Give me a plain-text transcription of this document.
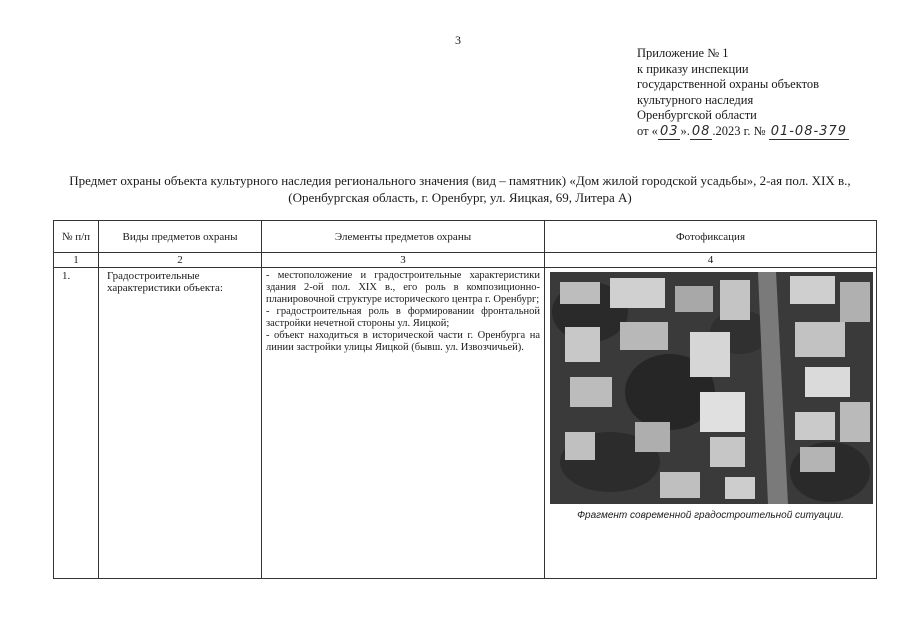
3
Приложение № 1
к приказу инспекции
государственной охраны объектов
культурного наследия
Оренбургской области
от « 03 ». 08 .2023 г. № 01-08-379
Предмет охраны объекта культурного наследия регионального значения (вид – памятник) «Дом жилой городской усадьбы», 2-ая пол. XIX в., (Оренбургская область, г. Оренбург, ул. Яицкая, 69, Литера А)
№ п/п	Виды предметов охраны	Элементы предметов охраны	Фотофиксация
1	2	3	4
1.	Градостроительные характеристики объекта:	- местоположение и градостроительные характеристики здания 2-ой пол. XIX в., его роль в композиционно-планировочной структуре исторического центра г. Оренбург;

- градостроительная роль в формировании фронтальной застройки нечетной стороны ул. Яицкой;

- объект находиться в исторической части г. Оренбурга на линии застройки улицы Яицкой (бывш. ул. Извозчичьей).	Фрагмент современной градостроительной ситуации.
